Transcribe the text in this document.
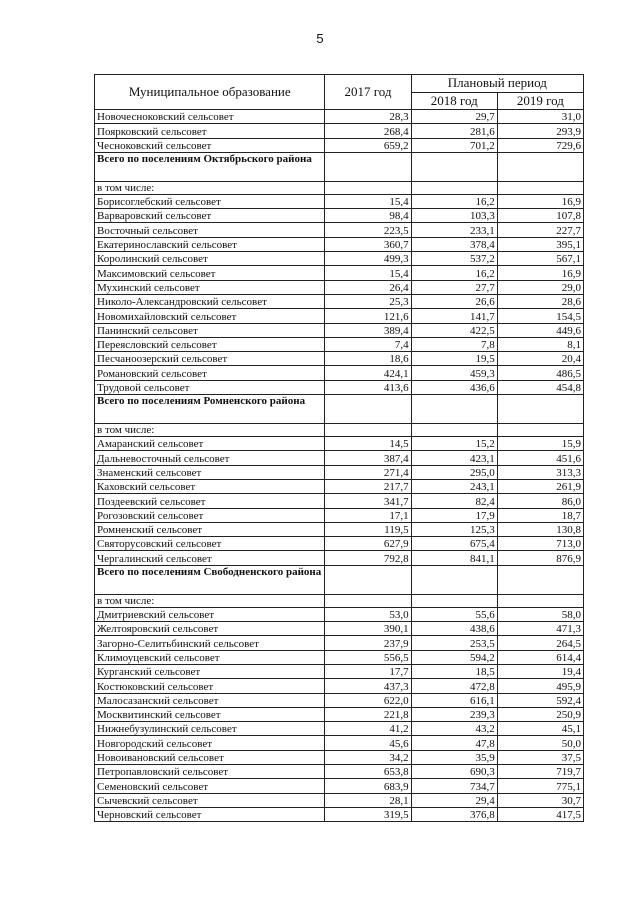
5
Муниципальное образование	2017 год	Плановый период	
		2018 год	2019 год
Новочесноковский сельсовет	28,3	29,7	31,0
Поярковский сельсовет	268,4	281,6	293,9
Чесноковский сельсовет	659,2	701,2	729,6
Всего по поселениям Октябрьского района			
в том числе:			
Борисоглебский сельсовет	15,4	16,2	16,9
Варваровский сельсовет	98,4	103,3	107,8
Восточный сельсовет	223,5	233,1	227,7
Екатеринославский сельсовет	360,7	378,4	395,1
Королинский сельсовет	499,3	537,2	567,1
Максимовский сельсовет	15,4	16,2	16,9
Мухинский сельсовет	26,4	27,7	29,0
Николо-Александровский сельсовет	25,3	26,6	28,6
Новомихайловский сельсовет	121,6	141,7	154,5
Панинский сельсовет	389,4	422,5	449,6
Переясловский сельсовет	7,4	7,8	8,1
Песчаноозерский сельсовет	18,6	19,5	20,4
Романовский сельсовет	424,1	459,3	486,5
Трудовой сельсовет	413,6	436,6	454,8
Всего по поселениям Ромненского района			
в том числе:			
Амаранский сельсовет	14,5	15,2	15,9
Дальневосточный сельсовет	387,4	423,1	451,6
Знаменский сельсовет	271,4	295,0	313,3
Каховский сельсовет	217,7	243,1	261,9
Поздеевский сельсовет	341,7	82,4	86,0
Рогозовский сельсовет	17,1	17,9	18,7
Ромненский сельсовет	119,5	125,3	130,8
Святорусовский сельсовет	627,9	675,4	713,0
Чергалинский сельсовет	792,8	841,1	876,9
Всего по поселениям Свободненского района			
в том числе:			
Дмитриевский сельсовет	53,0	55,6	58,0
Желтояровский сельсовет	390,1	438,6	471,3
Загорно-Селитьбинский сельсовет	237,9	253,5	264,5
Климоуцевский сельсовет	556,5	594,2	614,4
Курганский сельсовет	17,7	18,5	19,4
Костюковский сельсовет	437,3	472,8	495,9
Малосазанский сельсовет	622,0	616,1	592,4
Москвитинский сельсовет	221,8	239,3	250,9
Нижнебузулинский сельсовет	41,2	43,2	45,1
Новгородский сельсовет	45,6	47,8	50,0
Новоивановский сельсовет	34,2	35,9	37,5
Петропавловский сельсовет	653,8	690,3	719,7
Семеновский сельсовет	683,9	734,7	775,1
Сычевский сельсовет	28,1	29,4	30,7
Черновский сельсовет	319,5	376,8	417,5
